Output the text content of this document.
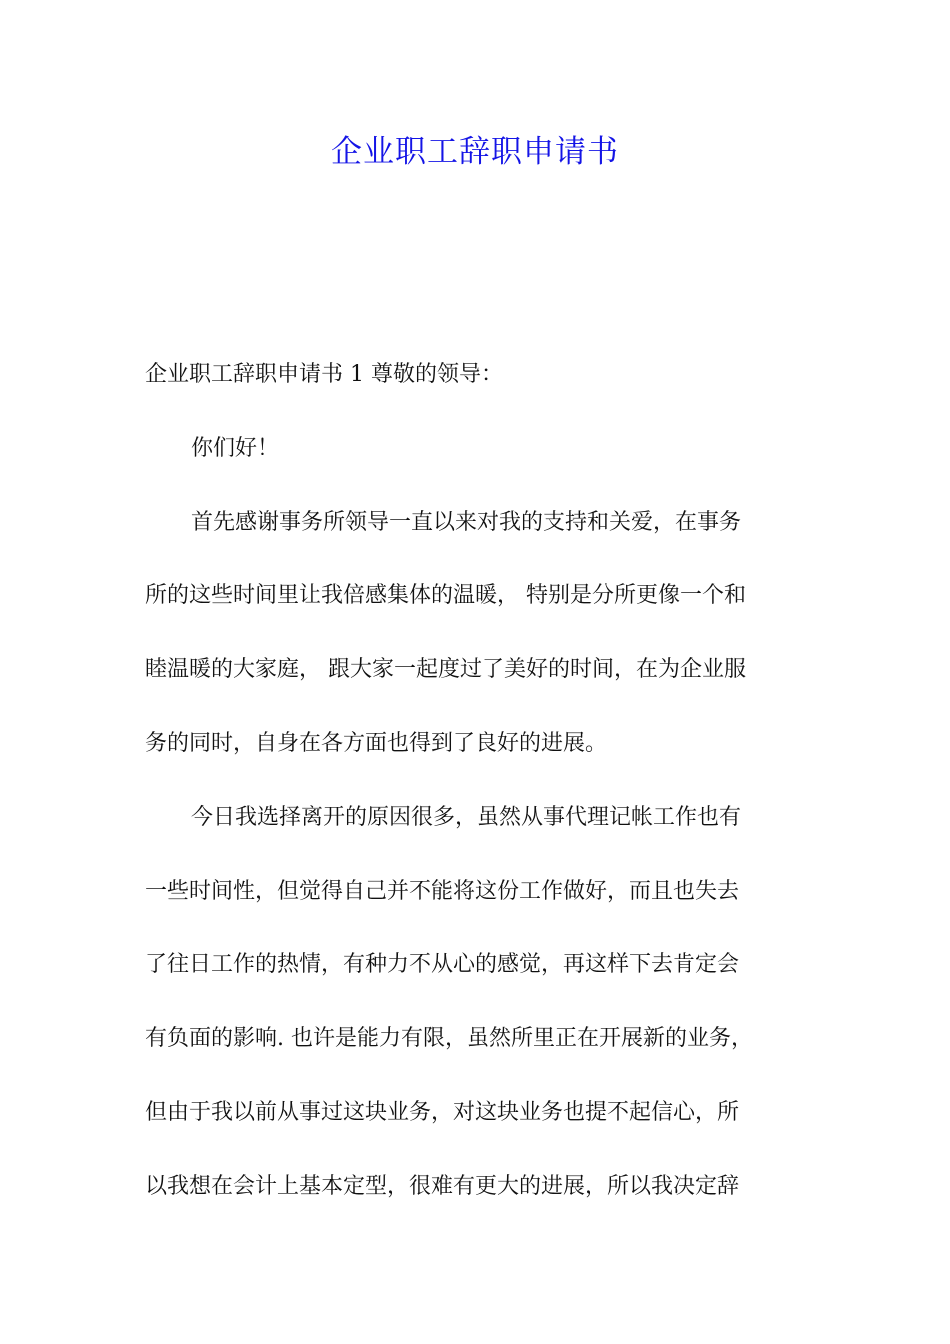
企业职工辞职申请书

企业职工辞职申请书 1 尊敬的领导：

你们好！

首先感谢事务所领导一直以来对我的支持和关爱，在事务

所的这些时间里让我倍感集体的温暖， 特别是分所更像一个和

睦温暖的大家庭， 跟大家一起度过了美好的时间，在为企业服

务的同时，自身在各方面也得到了良好的进展。

今日我选择离开的原因很多，虽然从事代理记帐工作也有

一些时间性，但觉得自己并不能将这份工作做好，而且也失去

了往日工作的热情，有种力不从心的感觉，再这样下去肯定会

有负面的影响. 也许是能力有限，虽然所里正在开展新的业务，

但由于我以前从事过这块业务，对这块业务也提不起信心，所

以我想在会计上基本定型，很难有更大的进展，所以我决定辞
